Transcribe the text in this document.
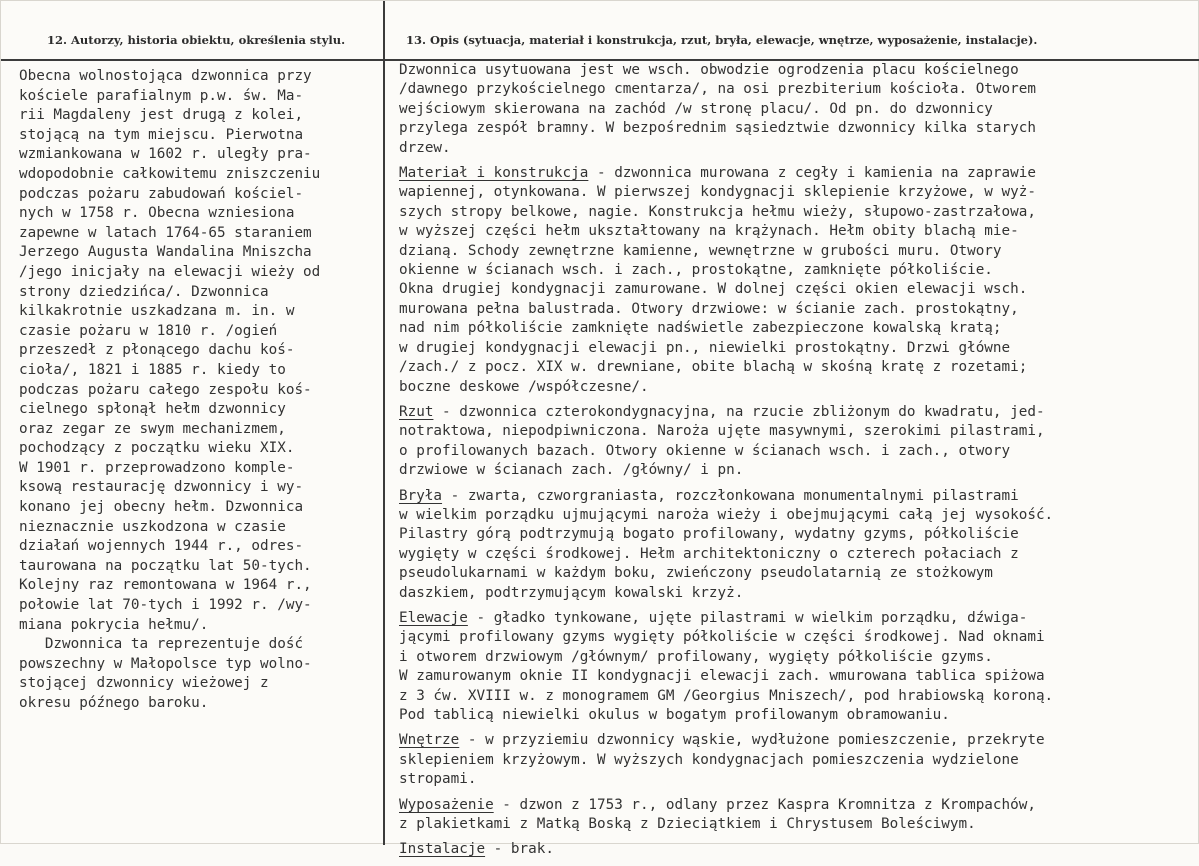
12. Autorzy, historia obiektu, określenia stylu.	13. Opis (sytuacja, materiał i konstrukcja, rzut, bryła, elewacje, wnętrze, wyposażenie, instalacje).

Obecna wolnostojąca dzwonnica przy

kościele parafialnym p.w. św. Ma-

rii Magdaleny jest drugą z kolei,

stojącą na tym miejscu. Pierwotna

wzmiankowana w 1602 r. uległy pra-

wdopodobnie całkowitemu zniszczeniu

podczas pożaru zabudowań kościel-

nych w 1758 r. Obecna wzniesiona

zapewne w latach 1764-65 staraniem

Jerzego Augusta Wandalina Mniszcha

/jego inicjały na elewacji wieży od

strony dziedzińca/. Dzwonnica

kilkakrotnie uszkadzana m. in. w

czasie pożaru w 1810 r. /ogień

przeszedł z płonącego dachu koś-

cioła/, 1821 i 1885 r. kiedy to

podczas pożaru całego zespołu koś-

cielnego spłonął hełm dzwonnicy

oraz zegar ze swym mechanizmem,

pochodzący z początku wieku XIX.

W 1901 r. przeprowadzono komple-

ksową restaurację dzwonnicy i wy-

konano jej obecny hełm. Dzwonnica

nieznacznie uszkodzona w czasie

działań wojennych 1944 r., odres-

taurowana na początku lat 50-tych.

Kolejny raz remontowana w 1964 r.,

połowie lat 70-tych i 1992 r. /wy-

miana pokrycia hełmu/.

Dzwonnica ta reprezentuje dość

powszechny w Małopolsce typ wolno-

stojącej dzwonnicy wieżowej z

okresu późnego baroku.

Dzwonnica usytuowana jest we wsch. obwodzie ogrodzenia placu kościelnego
/dawnego przykościelnego cmentarza/, na osi prezbiterium kościoła. Otworem
wejściowym skierowana na zachód /w stronę placu/. Od pn. do dzwonnicy
przylega zespół bramny. W bezpośrednim sąsiedztwie dzwonnicy kilka starych
drzew.
Materiał i konstrukcja - dzwonnica murowana z cegły i kamienia na zaprawie
wapiennej, otynkowana. W pierwszej kondygnacji sklepienie krzyżowe, w wyż-
szych stropy belkowe, nagie. Konstrukcja hełmu wieży, słupowo-zastrzałowa,
w wyższej części hełm ukształtowany na krążynach. Hełm obity blachą mie-
dzianą. Schody zewnętrzne kamienne, wewnętrzne w grubości muru. Otwory
okienne w ścianach wsch. i zach., prostokątne, zamknięte półkoliście.
Okna drugiej kondygnacji zamurowane. W dolnej części okien elewacji wsch.
murowana pełna balustrada. Otwory drzwiowe: w ścianie zach. prostokątny,
nad nim półkoliście zamknięte nadświetle zabezpieczone kowalską kratą;
w drugiej kondygnacji elewacji pn., niewielki prostokątny. Drzwi główne
/zach./ z pocz. XIX w. drewniane, obite blachą w skośną kratę z rozetami;
boczne deskowe /współczesne/.
Rzut - dzwonnica czterokondygnacyjna, na rzucie zbliżonym do kwadratu, jed-
notraktowa, niepodpiwniczona. Naroża ujęte masywnymi, szerokimi pilastrami,
o profilowanych bazach. Otwory okienne w ścianach wsch. i zach., otwory
drzwiowe w ścianach zach. /główny/ i pn.
Bryła - zwarta, czworgraniasta, rozczłonkowana monumentalnymi pilastrami
w wielkim porządku ujmującymi naroża wieży i obejmującymi całą jej wysokość.
Pilastry górą podtrzymują bogato profilowany, wydatny gzyms, półkoliście
wygięty w części środkowej. Hełm architektoniczny o czterech połaciach z
pseudolukarnami w każdym boku, zwieńczony pseudolatarnią ze stożkowym
daszkiem, podtrzymującym kowalski krzyż.
Elewacje - gładko tynkowane, ujęte pilastrami w wielkim porządku, dźwiga-
jącymi profilowany gzyms wygięty półkoliście w części środkowej. Nad oknami
i otworem drzwiowym /głównym/ profilowany, wygięty półkoliście gzyms.
W zamurowanym oknie II kondygnacji elewacji zach. wmurowana tablica spiżowa
z 3 ćw. XVIII w. z monogramem GM /Georgius Mniszech/, pod hrabiowską koroną.
Pod tablicą niewielki okulus w bogatym profilowanym obramowaniu.
Wnętrze - w przyziemiu dzwonnicy wąskie, wydłużone pomieszczenie, przekryte
sklepieniem krzyżowym. W wyższych kondygnacjach pomieszczenia wydzielone
stropami.
Wyposażenie - dzwon z 1753 r., odlany przez Kaspra Kromnitza z Krompachów,
z plakietkami z Matką Boską z Dzieciątkiem i Chrystusem Boleściwym.
Instalacje - brak.
